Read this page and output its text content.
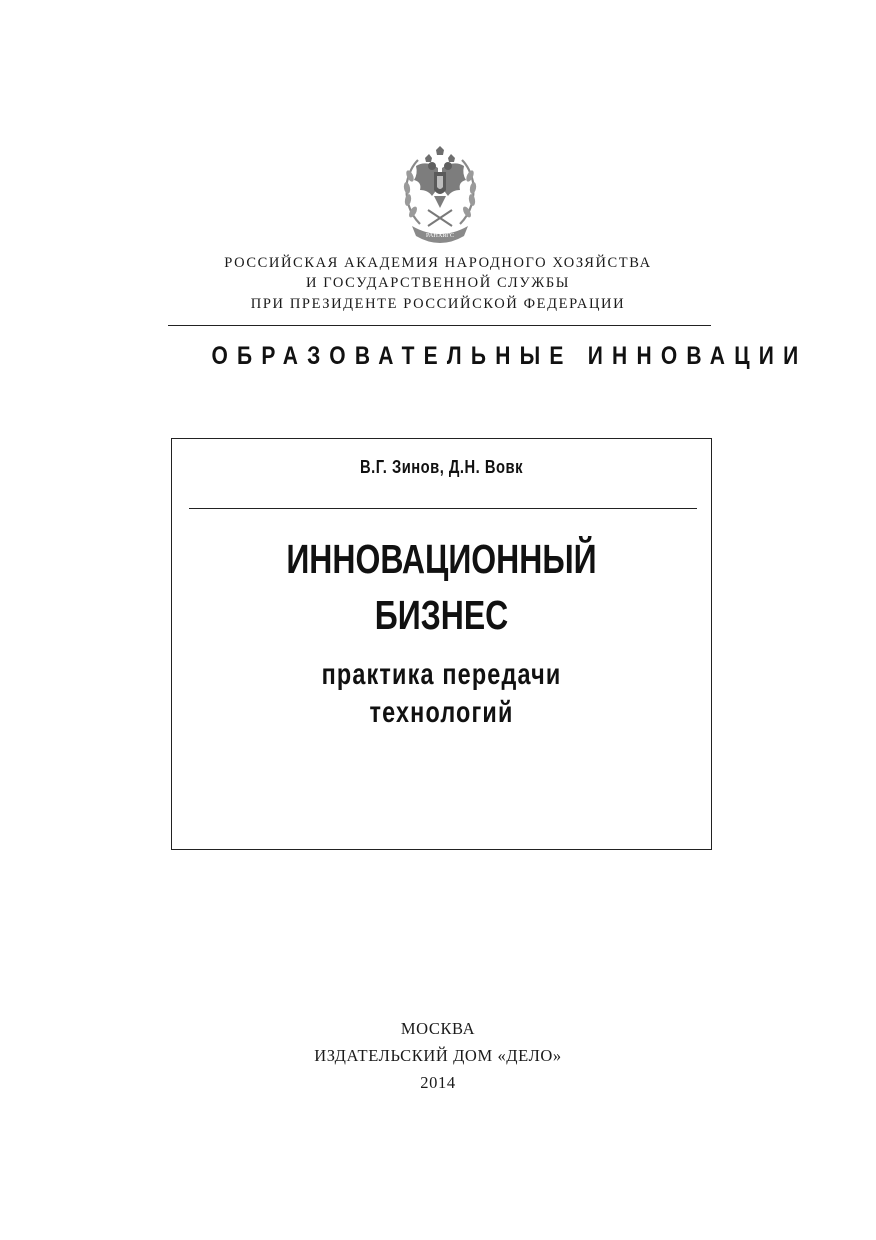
РАНХиГС
РОССИЙСКАЯ АКАДЕМИЯ НАРОДНОГО ХОЗЯЙСТВА
И ГОСУДАРСТВЕННОЙ СЛУЖБЫ
ПРИ ПРЕЗИДЕНТЕ РОССИЙСКОЙ ФЕДЕРАЦИИ
ОБРАЗОВАТЕЛЬНЫЕ ИННОВАЦИИ
В.Г. Зинов, Д.Н. Вовк
ИННОВАЦИОННЫЙ
БИЗНЕС
практика передачи
технологий
МОСКВА
ИЗДАТЕЛЬСКИЙ ДОМ «ДЕЛО»
2014
